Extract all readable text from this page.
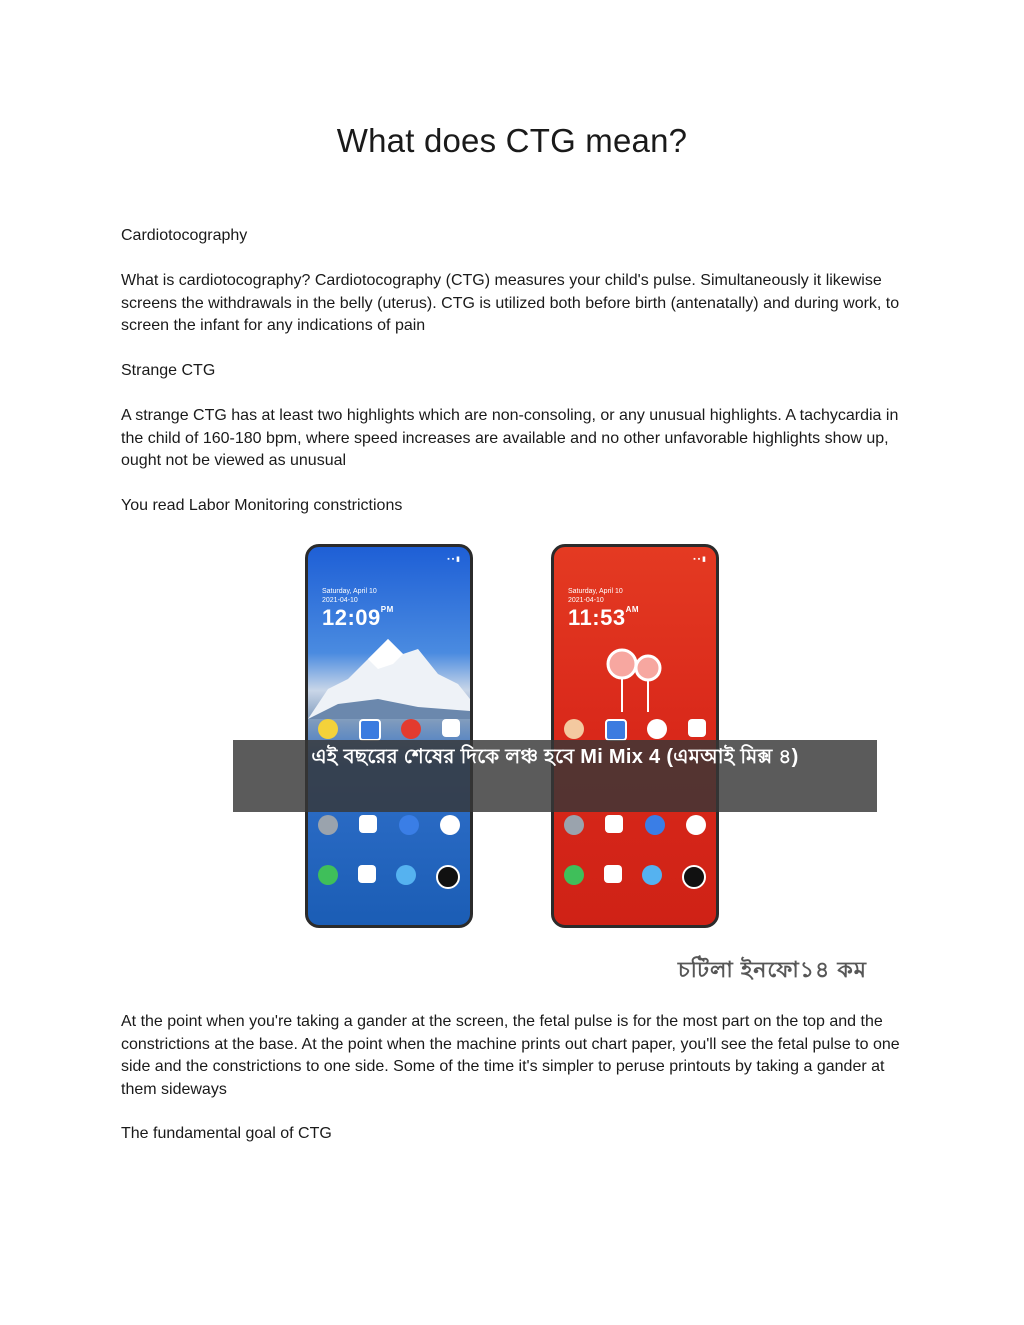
What does CTG mean?

Cardiotocography

What is cardiotocography? Cardiotocography (CTG) measures your child's pulse. Simultaneously it likewise screens the withdrawals in the belly (uterus). CTG is utilized both before birth (antenatally) and during work, to screen the infant for any indications of pain

Strange CTG

A strange CTG has at least two highlights which are non-consoling, or any unusual highlights. A tachycardia in the child of 160-180 bpm, where speed increases are available and no other unfavorable highlights show up, ought not be viewed as unusual

You read Labor Monitoring constrictions

▪ ▪ ▮
Saturday, April 10
2021-04-10
$12:09^{PM}$
▪ ▪ ▮
Saturday, April 10
2021-04-10
$11:53^{AM}$
এই বছরের শেষের দিকে লঞ্চ হবে Mi Mix 4 (এমআই মিক্স ৪)
চটিলা ইনফো১৪ কম

At the point when you're taking a gander at the screen, the fetal pulse is for the most part on the top and the constrictions at the base. At the point when the machine prints out chart paper, you'll see the fetal pulse to one side and the constrictions to one side. Some of the time it's simpler to peruse printouts by taking a gander at them sideways

The fundamental goal of CTG
